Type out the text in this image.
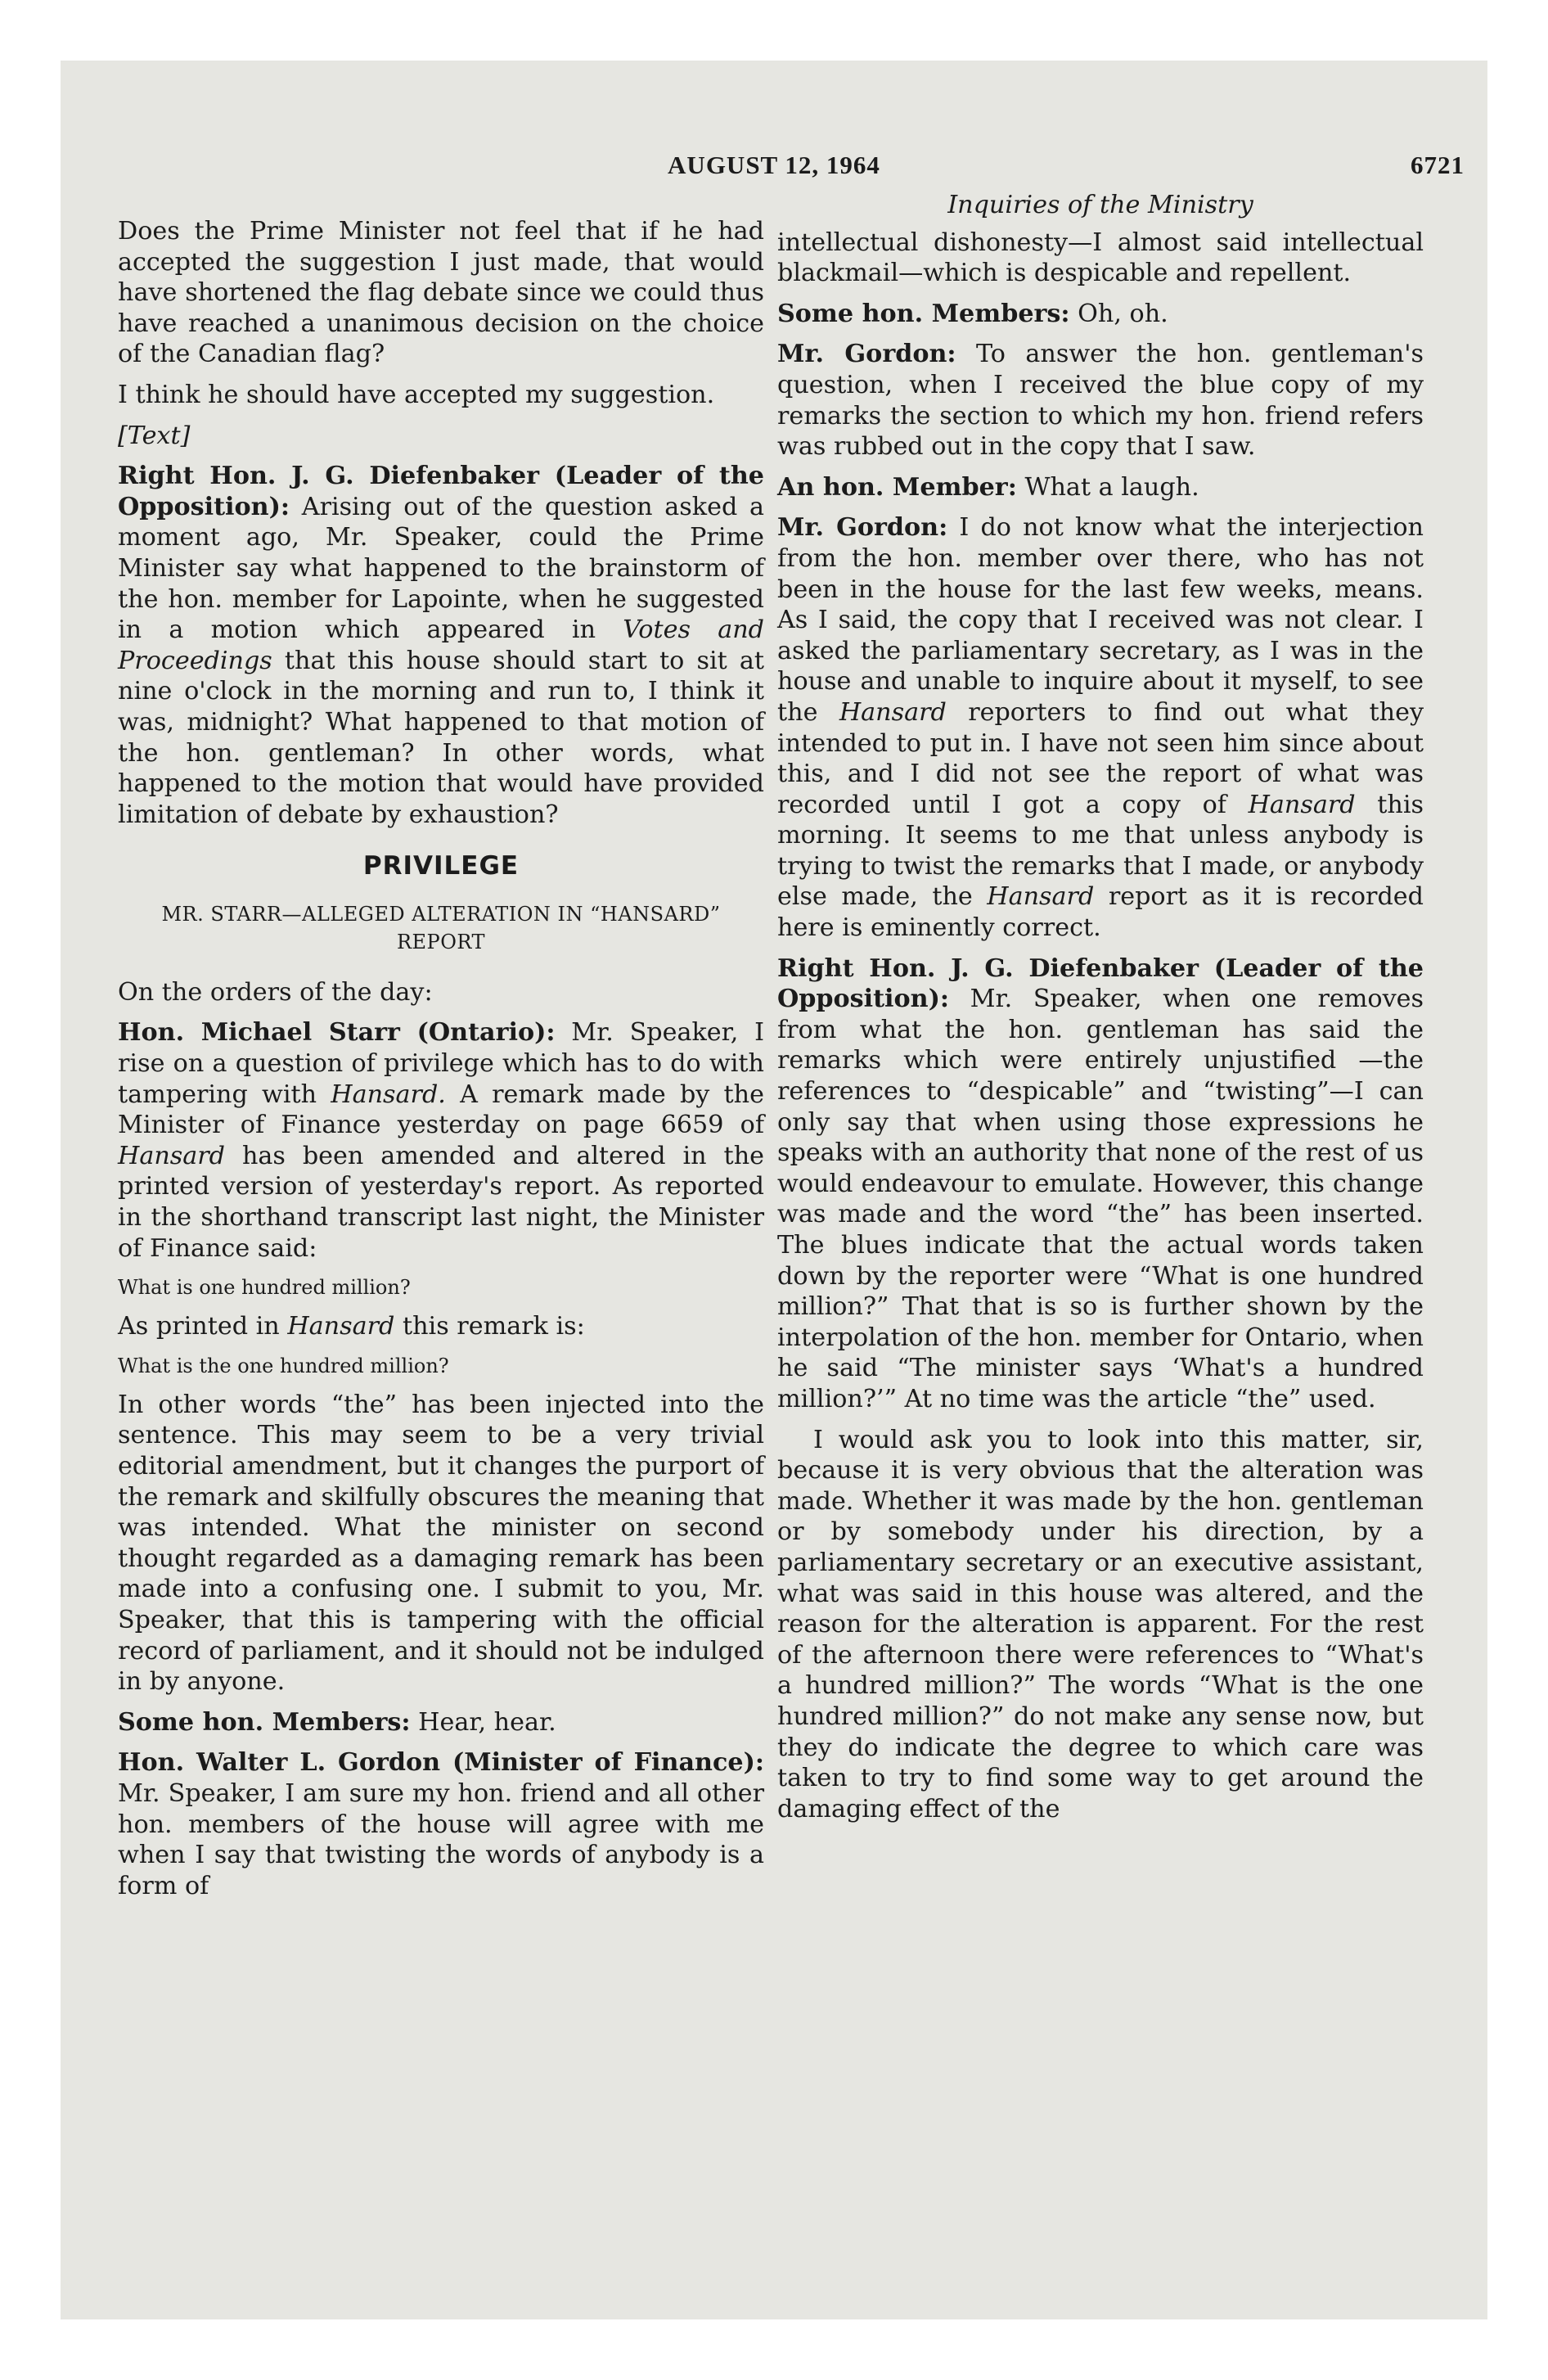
AUGUST 12, 1964	6721

Does the Prime Minister not feel that if he had accepted the suggestion I just made, that would have shortened the flag debate since we could thus have reached a unanimous decision on the choice of the Canadian flag?

I think he should have accepted my suggestion.

[Text]

Right Hon. J. G. Diefenbaker (Leader of the Opposition): Arising out of the question asked a moment ago, Mr. Speaker, could the Prime Minister say what happened to the brainstorm of the hon. member for Lapointe, when he suggested in a motion which appeared in Votes and Proceedings that this house should start to sit at nine o'clock in the morning and run to, I think it was, midnight? What happened to that motion of the hon. gentleman? In other words, what happened to the motion that would have provided limitation of debate by exhaustion?

PRIVILEGE
MR. STARR—ALLEGED ALTERATION IN “HANSARD”
REPORT

On the orders of the day:

Hon. Michael Starr (Ontario): Mr. Speaker, I rise on a question of privilege which has to do with tampering with Hansard. A remark made by the Minister of Finance yesterday on page 6659 of Hansard has been amended and altered in the printed version of yesterday's report. As reported in the shorthand transcript last night, the Minister of Finance said:

What is one hundred million?

As printed in Hansard this remark is:

What is the one hundred million?

In other words “the” has been injected into the sentence. This may seem to be a very trivial editorial amendment, but it changes the purport of the remark and skilfully obscures the meaning that was intended. What the minister on second thought regarded as a damaging remark has been made into a confusing one. I submit to you, Mr. Speaker, that this is tampering with the official record of parliament, and it should not be indulged in by anyone.

Some hon. Members: Hear, hear.

Hon. Walter L. Gordon (Minister of Finance): Mr. Speaker, I am sure my hon. friend and all other hon. members of the house will agree with me when I say that twisting the words of anybody is a form of

Inquiries of the Ministry

intellectual dishonesty—I almost said intellectual blackmail—which is despicable and repellent.

Some hon. Members: Oh, oh.

Mr. Gordon: To answer the hon. gentleman's question, when I received the blue copy of my remarks the section to which my hon. friend refers was rubbed out in the copy that I saw.

An hon. Member: What a laugh.

Mr. Gordon: I do not know what the interjection from the hon. member over there, who has not been in the house for the last few weeks, means. As I said, the copy that I received was not clear. I asked the parliamentary secretary, as I was in the house and unable to inquire about it myself, to see the Hansard reporters to find out what they intended to put in. I have not seen him since about this, and I did not see the report of what was recorded until I got a copy of Hansard this morning. It seems to me that unless anybody is trying to twist the remarks that I made, or anybody else made, the Hansard report as it is recorded here is eminently correct.

Right Hon. J. G. Diefenbaker (Leader of the Opposition): Mr. Speaker, when one removes from what the hon. gentleman has said the remarks which were entirely unjustified —the references to “despicable” and “twisting”—I can only say that when using those expressions he speaks with an authority that none of the rest of us would endeavour to emulate. However, this change was made and the word “the” has been inserted. The blues indicate that the actual words taken down by the reporter were “What is one hundred million?” That that is so is further shown by the interpolation of the hon. member for Ontario, when he said “The minister says ‘What's a hundred million?’” At no time was the article “the” used.

I would ask you to look into this matter, sir, because it is very obvious that the alteration was made. Whether it was made by the hon. gentleman or by somebody under his direction, by a parliamentary secretary or an executive assistant, what was said in this house was altered, and the reason for the alteration is apparent. For the rest of the afternoon there were references to “What's a hundred million?” The words “What is the one hundred million?” do not make any sense now, but they do indicate the degree to which care was taken to try to find some way to get around the damaging effect of the
